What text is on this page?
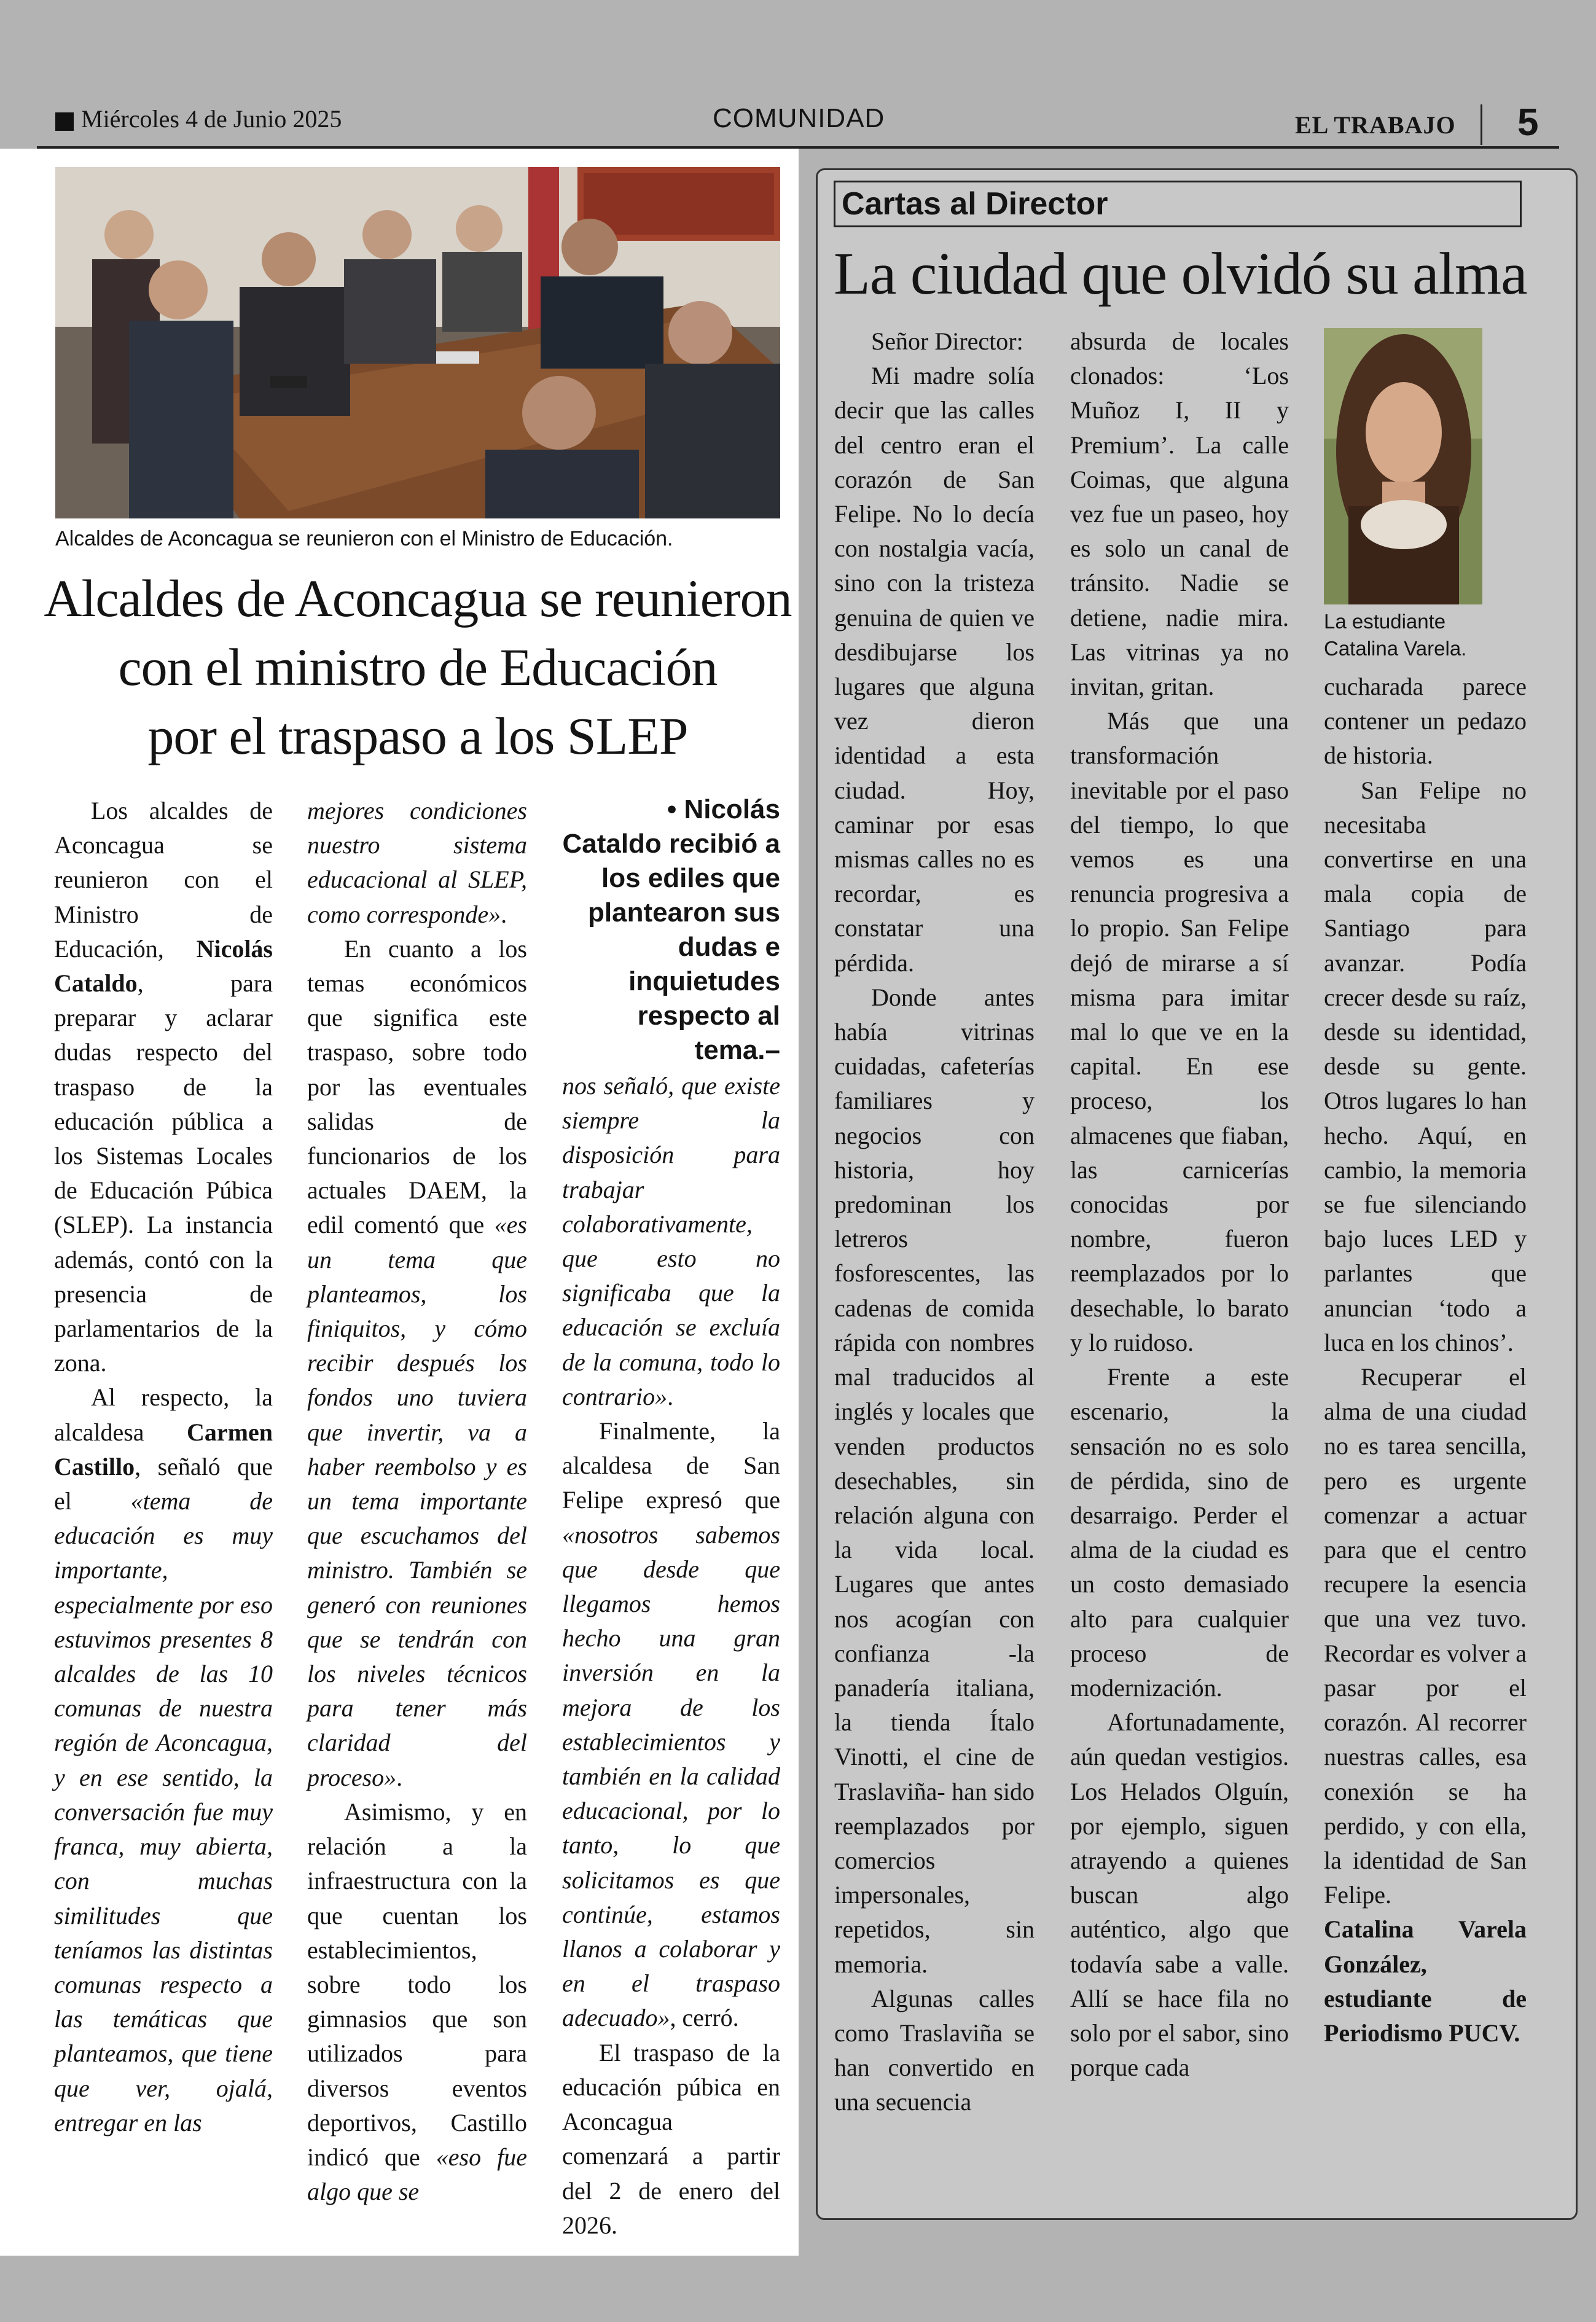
Miércoles 4 de Junio 2025	COMUNIDAD	EL TRABAJO 5
Alcaldes de Aconcagua se reunieron con el Ministro de Educación.
Alcaldes de Aconcagua se reunieron
con el ministro de Educación
por el traspaso a los SLEP

Los alcaldes de Aconcagua se reunieron con el Ministro de Educación, Nicolás Cataldo, para preparar y aclarar dudas respecto del traspaso de la educación pública a los Sistemas Locales de Educación Púbica (SLEP). La instancia además, contó con la presencia de parlamentarios de la zona.

Al respecto, la alcaldesa Carmen Castillo, señaló que el «tema de educación es muy importante, especialmente por eso estuvimos presentes 8 alcaldes de las 10 comunas de nuestra región de Aconcagua, y en ese sentido, la conversación fue muy franca, muy abierta, con muchas similitudes que teníamos las distintas comunas respecto a las temáticas que planteamos, que tiene que ver, ojalá, entregar en las

mejores condiciones nuestro sistema educacional al SLEP, como corresponde».

En cuanto a los temas económicos que significa este traspaso, sobre todo por las eventuales salidas de funcionarios de los actuales DAEM, la edil comentó que «es un tema que planteamos, los finiquitos, y cómo recibir después los fondos uno tuviera que invertir, va a haber reembolso y es un tema importante que escuchamos del ministro. También se generó con reuniones que se tendrán con los niveles técnicos para tener más claridad del proceso».

Asimismo, y en relación a la infraestructura con la que cuentan los establecimientos, sobre todo los gimnasios que son utilizados para diversos eventos deportivos, Castillo indicó que «eso fue algo que se

• Nicolás Cataldo recibió a los ediles que plantearon sus dudas e inquietudes respecto al tema.–

nos señaló, que existe siempre la disposición para trabajar colaborativamente, que esto no significaba que la educación se excluía de la comuna, todo lo contrario».

Finalmente, la alcaldesa de San Felipe expresó que «nosotros sabemos que desde que llegamos hemos hecho una gran inversión en la mejora de los establecimientos y también en la calidad educacional, por lo tanto, lo que solicitamos es que continúe, estamos llanos a colaborar y en el traspaso adecuado», cerró.

El traspaso de la educación púbica en Aconcagua comenzará a partir del 2 de enero del 2026.

Cartas al Director
La ciudad que olvidó su alma

Señor Director:

Mi madre solía decir que las calles del centro eran el corazón de San Felipe. No lo decía con nostalgia vacía, sino con la tristeza genuina de quien ve desdibujarse los lugares que alguna vez dieron identidad a esta ciudad. Hoy, caminar por esas mismas calles no es recordar, es constatar una pérdida.

Donde antes había vitrinas cuidadas, cafeterías familiares y negocios con historia, hoy predominan los letreros fosforescentes, las cadenas de comida rápida con nombres mal traducidos al inglés y locales que venden productos desechables, sin relación alguna con la vida local. Lugares que antes nos acogían con confianza -la panadería italiana, la tienda Ítalo Vinotti, el cine de Traslaviña- han sido reemplazados por comercios impersonales, repetidos, sin memoria.

Algunas calles como Traslaviña se han convertido en una secuencia

absurda de locales clonados: ‘Los Muñoz I, II y Premium’. La calle Coimas, que alguna vez fue un paseo, hoy es solo un canal de tránsito. Nadie se detiene, nadie mira. Las vitrinas ya no invitan, gritan.

Más que una transformación inevitable por el paso del tiempo, lo que vemos es una renuncia progresiva a lo propio. San Felipe dejó de mirarse a sí misma para imitar mal lo que ve en la capital. En ese proceso, los almacenes que fiaban, las carnicerías conocidas por nombre, fueron reemplazados por lo desechable, lo barato y lo ruidoso.

Frente a este escenario, la sensación no es solo de pérdida, sino de desarraigo. Perder el alma de la ciudad es un costo demasiado alto para cualquier proceso de modernización.

Afortunadamente, aún quedan vestigios. Los Helados Olguín, por ejemplo, siguen atrayendo a quienes buscan algo auténtico, algo que todavía sabe a valle. Allí se hace fila no solo por el sabor, sino porque cada

La estudiante Catalina Varela.

cucharada parece contener un pedazo de historia.

San Felipe no necesitaba convertirse en una mala copia de Santiago para avanzar. Podía crecer desde su raíz, desde su identidad, desde su gente. Otros lugares lo han hecho. Aquí, en cambio, la memoria se fue silenciando bajo luces LED y parlantes que anuncian ‘todo a luca en los chinos’.

Recuperar el alma de una ciudad no es tarea sencilla, pero es urgente comenzar a actuar para que el centro recupere la esencia que una vez tuvo. Recordar es volver a pasar por el corazón. Al recorrer nuestras calles, esa conexión se ha perdido, y con ella, la identidad de San Felipe.

Catalina Varela González, estudiante de Periodismo PUCV.
